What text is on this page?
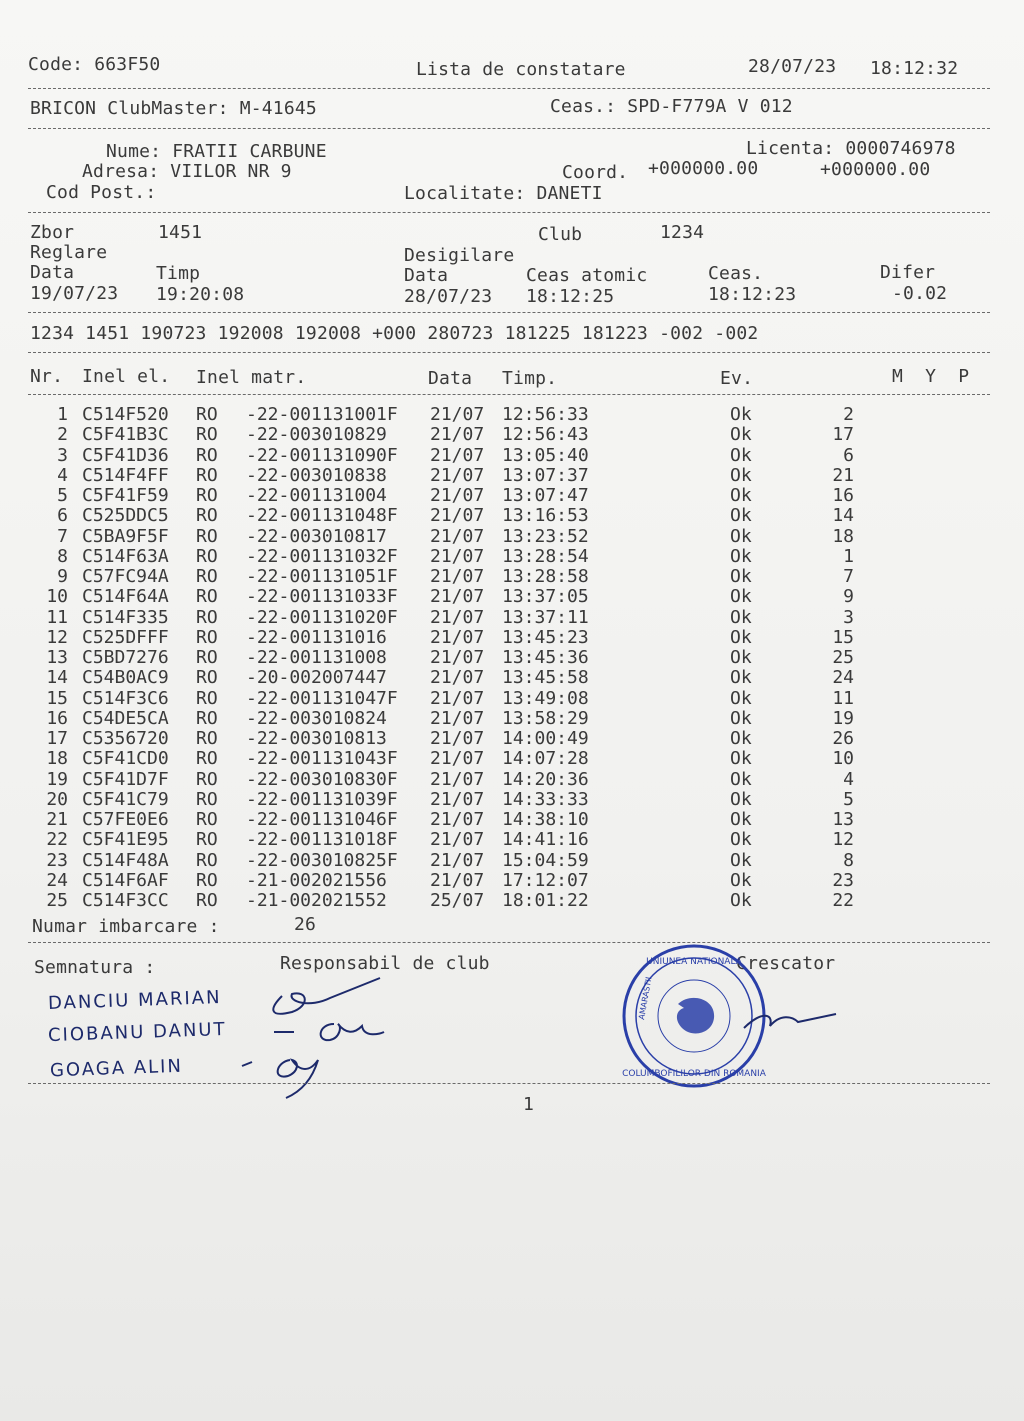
Code: 663F50	Lista de constatare	28/07/23 18:12:32
BRICON ClubMaster: M-41645	Ceas.: SPD-F779A V 012
Nume: FRATII CARBUNE	Licenta: 0000746978
Adresa: VIILOR NR 9	Coord. +000000.00	+000000.00
Cod Post.:	Localitate: DANETI
Zbor	1451	Club	1234
Reglare	Desigilare
Data	Timp	Data	Ceas atomic	Ceas.	Difer
19/07/23 19:20:08	28/07/23 18:12:25	18:12:23	-0.02
1234 1451 190723 192008 192008 +000 280723 181225 181223 -002 -002
Nr. Inel el. Inel matr.	Data Timp.	Ev.	M  Y  P
1 C514F520 RO -22-001131001F 21/07 12:56:33	Ok	2
2 C5F41B3C RO -22-003010829 21/07 12:56:43	Ok	17
3 C5F41D36 RO -22-001131090F 21/07 13:05:40	Ok	6
4 C514F4FF RO -22-003010838 21/07 13:07:37	Ok	21
5 C5F41F59 RO -22-001131004 21/07 13:07:47	Ok	16
6 C525DDC5 RO -22-001131048F 21/07 13:16:53	Ok	14
7 C5BA9F5F RO -22-003010817 21/07 13:23:52	Ok	18
8 C514F63A RO -22-001131032F 21/07 13:28:54	Ok	1
9 C57FC94A RO -22-001131051F 21/07 13:28:58	Ok	7
10 C514F64A RO -22-001131033F 21/07 13:37:05	Ok	9
11 C514F335 RO -22-001131020F 21/07 13:37:11	Ok	3
12 C525DFFF RO -22-001131016 21/07 13:45:23	Ok	15
13 C5BD7276 RO -22-001131008 21/07 13:45:36	Ok	25
14 C54B0AC9 RO -20-002007447 21/07 13:45:58	Ok	24
15 C514F3C6 RO -22-001131047F 21/07 13:49:08	Ok	11
16 C54DE5CA RO -22-003010824 21/07 13:58:29	Ok	19
17 C5356720 RO -22-003010813 21/07 14:00:49	Ok	26
18 C5F41CD0 RO -22-001131043F 21/07 14:07:28	Ok	10
19 C5F41D7F RO -22-003010830F 21/07 14:20:36	Ok	4
20 C5F41C79 RO -22-001131039F 21/07 14:33:33	Ok	5
21 C57FE0E6 RO -22-001131046F 21/07 14:38:10	Ok	13
22 C5F41E95 RO -22-001131018F 21/07 14:41:16	Ok	12
23 C514F48A RO -22-003010825F 21/07 15:04:59	Ok	8
24 C514F6AF RO -21-002021556 21/07 17:12:07	Ok	23
25 C514F3CC RO -21-002021552 25/07 18:01:22	Ok	22
Numar imbarcare :	26
Semnatura :	Responsabil de club	Crescator
DANCIU MARIAN
CIOBANU DANUT
GOAGA ALIN
UNIUNEA NATIONALA
COLUMBOFILILOR DIN ROMANIA
AMARASTII
1
